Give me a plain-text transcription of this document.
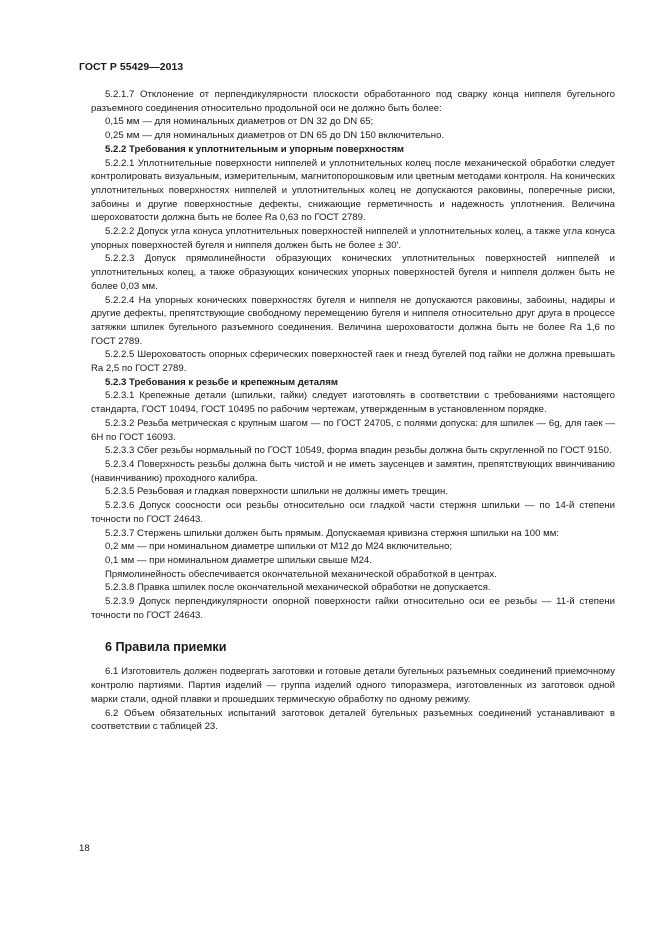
ГОСТ Р 55429—2013

5.2.1.7 Отклонение от перпендикулярности плоскости обработанного под сварку конца ниппеля бугельного разъемного соединения относительно продольной оси не должно быть более:

0,15 мм — для номинальных диаметров от DN 32 до DN 65;

0,25 мм — для номинальных диаметров от DN 65 до DN 150 включительно.

5.2.2 Требования к уплотнительным и упорным поверхностям

5.2.2.1 Уплотнительные поверхности ниппелей и уплотнительных колец после механической обработки следует контролировать визуальным, измерительным, магнитопорошковым или цветным методами контроля. На конических уплотнительных поверхностях ниппелей и уплотнительных колец не допускаются раковины, поперечные риски, забоины и другие поверхностные дефекты, снижающие герметичность и надежность уплотнения. Величина шероховатости должна быть не более Ra 0,63 по ГОСТ 2789.

5.2.2.2 Допуск угла конуса уплотнительных поверхностей ниппелей и уплотнительных колец, а также угла конуса упорных поверхностей бугеля и ниппеля должен быть не более ± 30′.

5.2.2.3 Допуск прямолинейности образующих конических уплотнительных поверхностей ниппелей и уплотнительных колец, а также образующих конических упорных поверхностей бугеля и ниппеля должен быть не более 0,03 мм.

5.2.2.4 На упорных конических поверхностях бугеля и ниппеля не допускаются раковины, забоины, надиры и другие дефекты, препятствующие свободному перемещению бугеля и ниппеля относительно друг друга в процессе затяжки шпилек бугельного разъемного соединения. Величина шероховатости должна быть не более Ra 1,6 по ГОСТ 2789.

5.2.2.5 Шероховатость опорных сферических поверхностей гаек и гнезд бугелей под гайки не должна превышать Ra 2,5 по ГОСТ 2789.

5.2.3 Требования к резьбе и крепежным деталям

5.2.3.1 Крепежные детали (шпильки, гайки) следует изготовлять в соответствии с требованиями настоящего стандарта, ГОСТ 10494, ГОСТ 10495 по рабочим чертежам, утвержденным в установленном порядке.

5.2.3.2 Резьба метрическая с крупным шагом — по ГОСТ 24705, с полями допуска: для шпилек — 6g, для гаек — 6Н по ГОСТ 16093.

5.2.3.3 Сбег резьбы нормальный по ГОСТ 10549, форма впадин резьбы должна быть скругленной по ГОСТ 9150.

5.2.3.4 Поверхность резьбы должна быть чистой и не иметь заусенцев и замятин, препятствующих ввинчиванию (навинчиванию) проходного калибра.

5.2.3.5 Резьбовая и гладкая поверхности шпильки не должны иметь трещин.

5.2.3.6 Допуск соосности оси резьбы относительно оси гладкой части стержня шпильки — по 14-й степени точности по ГОСТ 24643.

5.2.3.7 Стержень шпильки должен быть прямым. Допускаемая кривизна стержня шпильки на 100 мм:

0,2 мм — при номинальном диаметре шпильки от М12 до М24 включительно;

0,1 мм — при номинальном диаметре шпильки свыше М24.

Прямолинейность обеспечивается окончательной механической обработкой в центрах.

5.2.3.8 Правка шпилек после окончательной механической обработки не допускается.

5.2.3.9 Допуск перпендикулярности опорной поверхности гайки относительно оси ее резьбы — 11-й степени точности по ГОСТ 24643.

6 Правила приемки

6.1 Изготовитель должен подвергать заготовки и готовые детали бугельных разъемных соединений приемочному контролю партиями. Партия изделий — группа изделий одного типоразмера, изготовленных из заготовок одной марки стали, одной плавки и прошедших термическую обработку по одному режиму.

6.2 Объем обязательных испытаний заготовок деталей бугельных разъемных соединений устанавливают в соответствии с таблицей 23.

18
